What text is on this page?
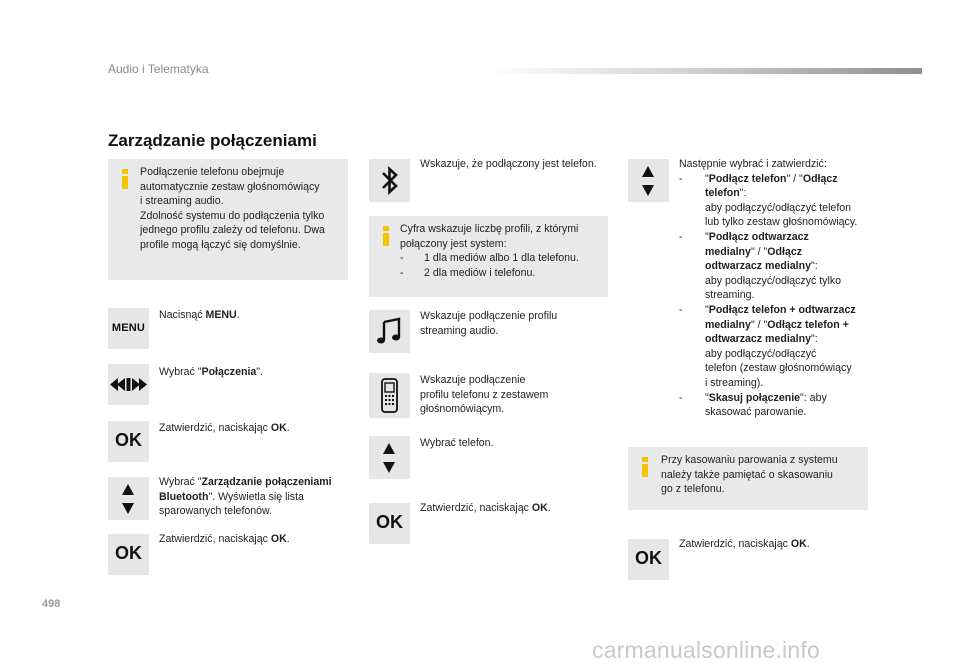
Audio i Telematyka
Zarządzanie połączeniami
Podłączenie telefonu obejmuje
automatycznie zestaw głośnomówiący
i streaming audio.
Zdolność systemu do podłączenia tylko
jednego profilu zależy od telefonu. Dwa
profile mogą łączyć się domyślnie.
MENU
Nacisnąć MENU.
Wybrać "Połączenia".
OK
Zatwierdzić, naciskając OK.
Wybrać "Zarządzanie połączeniami
Bluetooth". Wyświetla się lista
sparowanych telefonów.
OK
Zatwierdzić, naciskając OK.
Wskazuje, że podłączony jest telefon.
Cyfra wskazuje liczbę profili, z którymi
połączony jest system:
- 1 dla mediów albo 1 dla telefonu.
- 2 dla mediów i telefonu.
Wskazuje podłączenie profilu
streaming audio.
Wskazuje podłączenie
profilu telefonu z zestawem
głośnomówiącym.
Wybrać telefon.
OK
Zatwierdzić, naciskając OK.
Następnie wybrać i zatwierdzić:
- "Podłącz telefon" / "Odłącz
telefon":
aby podłączyć/odłączyć telefon
lub tylko zestaw głośnomówiący.
- "Podłącz odtwarzacz
medialny" / "Odłącz
odtwarzacz medialny":
aby podłączyć/odłączyć tylko
streaming.
- "Podłącz telefon + odtwarzacz
medialny" / "Odłącz telefon +
odtwarzacz medialny":
aby podłączyć/odłączyć
telefon (zestaw głośnomówiący
i streaming).
- "Skasuj połączenie": aby
skasować parowanie.
Przy kasowaniu parowania z systemu
należy także pamiętać o skasowaniu
go z telefonu.
OK
Zatwierdzić, naciskając OK.
498
carmanualsonline.info
